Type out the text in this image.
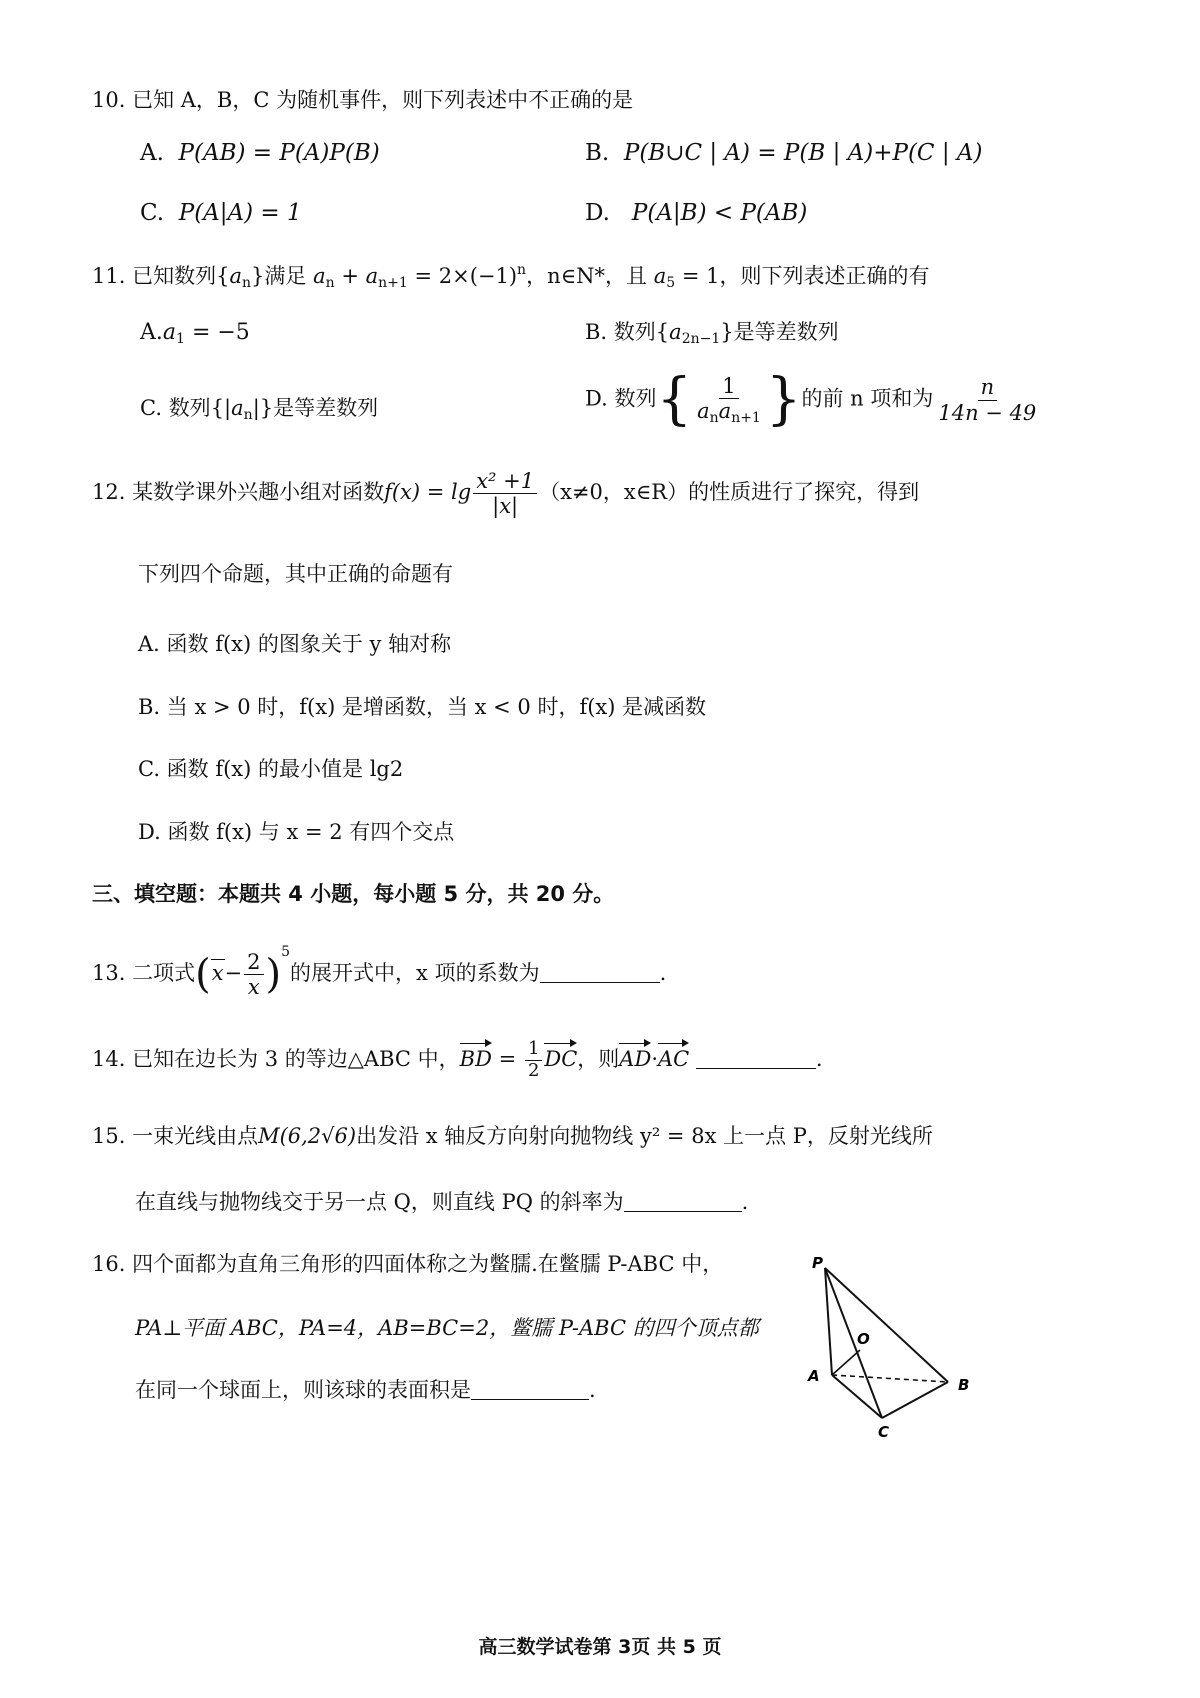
10. 已知 A，B，C 为随机事件，则下列表述中不正确的是
A. P(AB) = P(A)P(B)	B. P(B∪C | A) = P(B | A)+P(C | A)
C. P(A|A) = 1	D. P(A|B) < P(AB)
11. 已知数列$\{a_n\}$满足 $a_n + a_{n+1} = 2\times(-1)^n$，n∈N*，且 $a_5 = 1$，则下列表述正确的有
$A.a_1 = -5$	B. 数列$\{a_{2n-1}\}$是等差数列
C. 数列$\{|a_n|\}$是等差数列	D. 数列{ $\frac{1}{a_na_{n+1}}$ }的前 n 项和为 $\frac{n}{14n - 49}$
12. 某数学课外兴趣小组对函数$f(x) = \lg \frac{\text{x² +1}}{|x|} (x\ne 0$，x∈R）的性质进行了探究，得到
下列四个命题，其中正确的命题有
A. 函数 f(x) 的图象关于 y 轴对称
B. 当 x > 0 时，f(x) 是增函数，当 x < 0 时，f(x) 是减函数
C. 函数 f(x) 的最小值是 lg2
D. 函数 f(x) 与 x = 2 有四个交点
三、填空题：本题共 4 小题，每小题 5 分，共 20 分。
13. 二项式$(x- \frac{2}{x} )^5$的展开式中，x 项的系数为	.
14. 已知在边长为 3 的等边△ABC 中，BD = $\frac{1}{2}$ DC，则AD·AC	.
15. 一束光线由点M(6,2√6)出发沿 x 轴反方向射向抛物线 y² = 8x 上一点 P，反射光线所
在直线与抛物线交于另一点 Q，则直线 PQ 的斜率为	.
16. 四个面都为直角三角形的四面体称之为鳖臑.在鳖臑 P-ABC 中，
PA⊥平面 ABC，PA=4，AB=BC=2，鳖臑 P-ABC 的四个顶点都
在同一个球面上，则该球的表面积是	.
P
O
A	B
C
高三数学试卷第 3页 共 5 页
